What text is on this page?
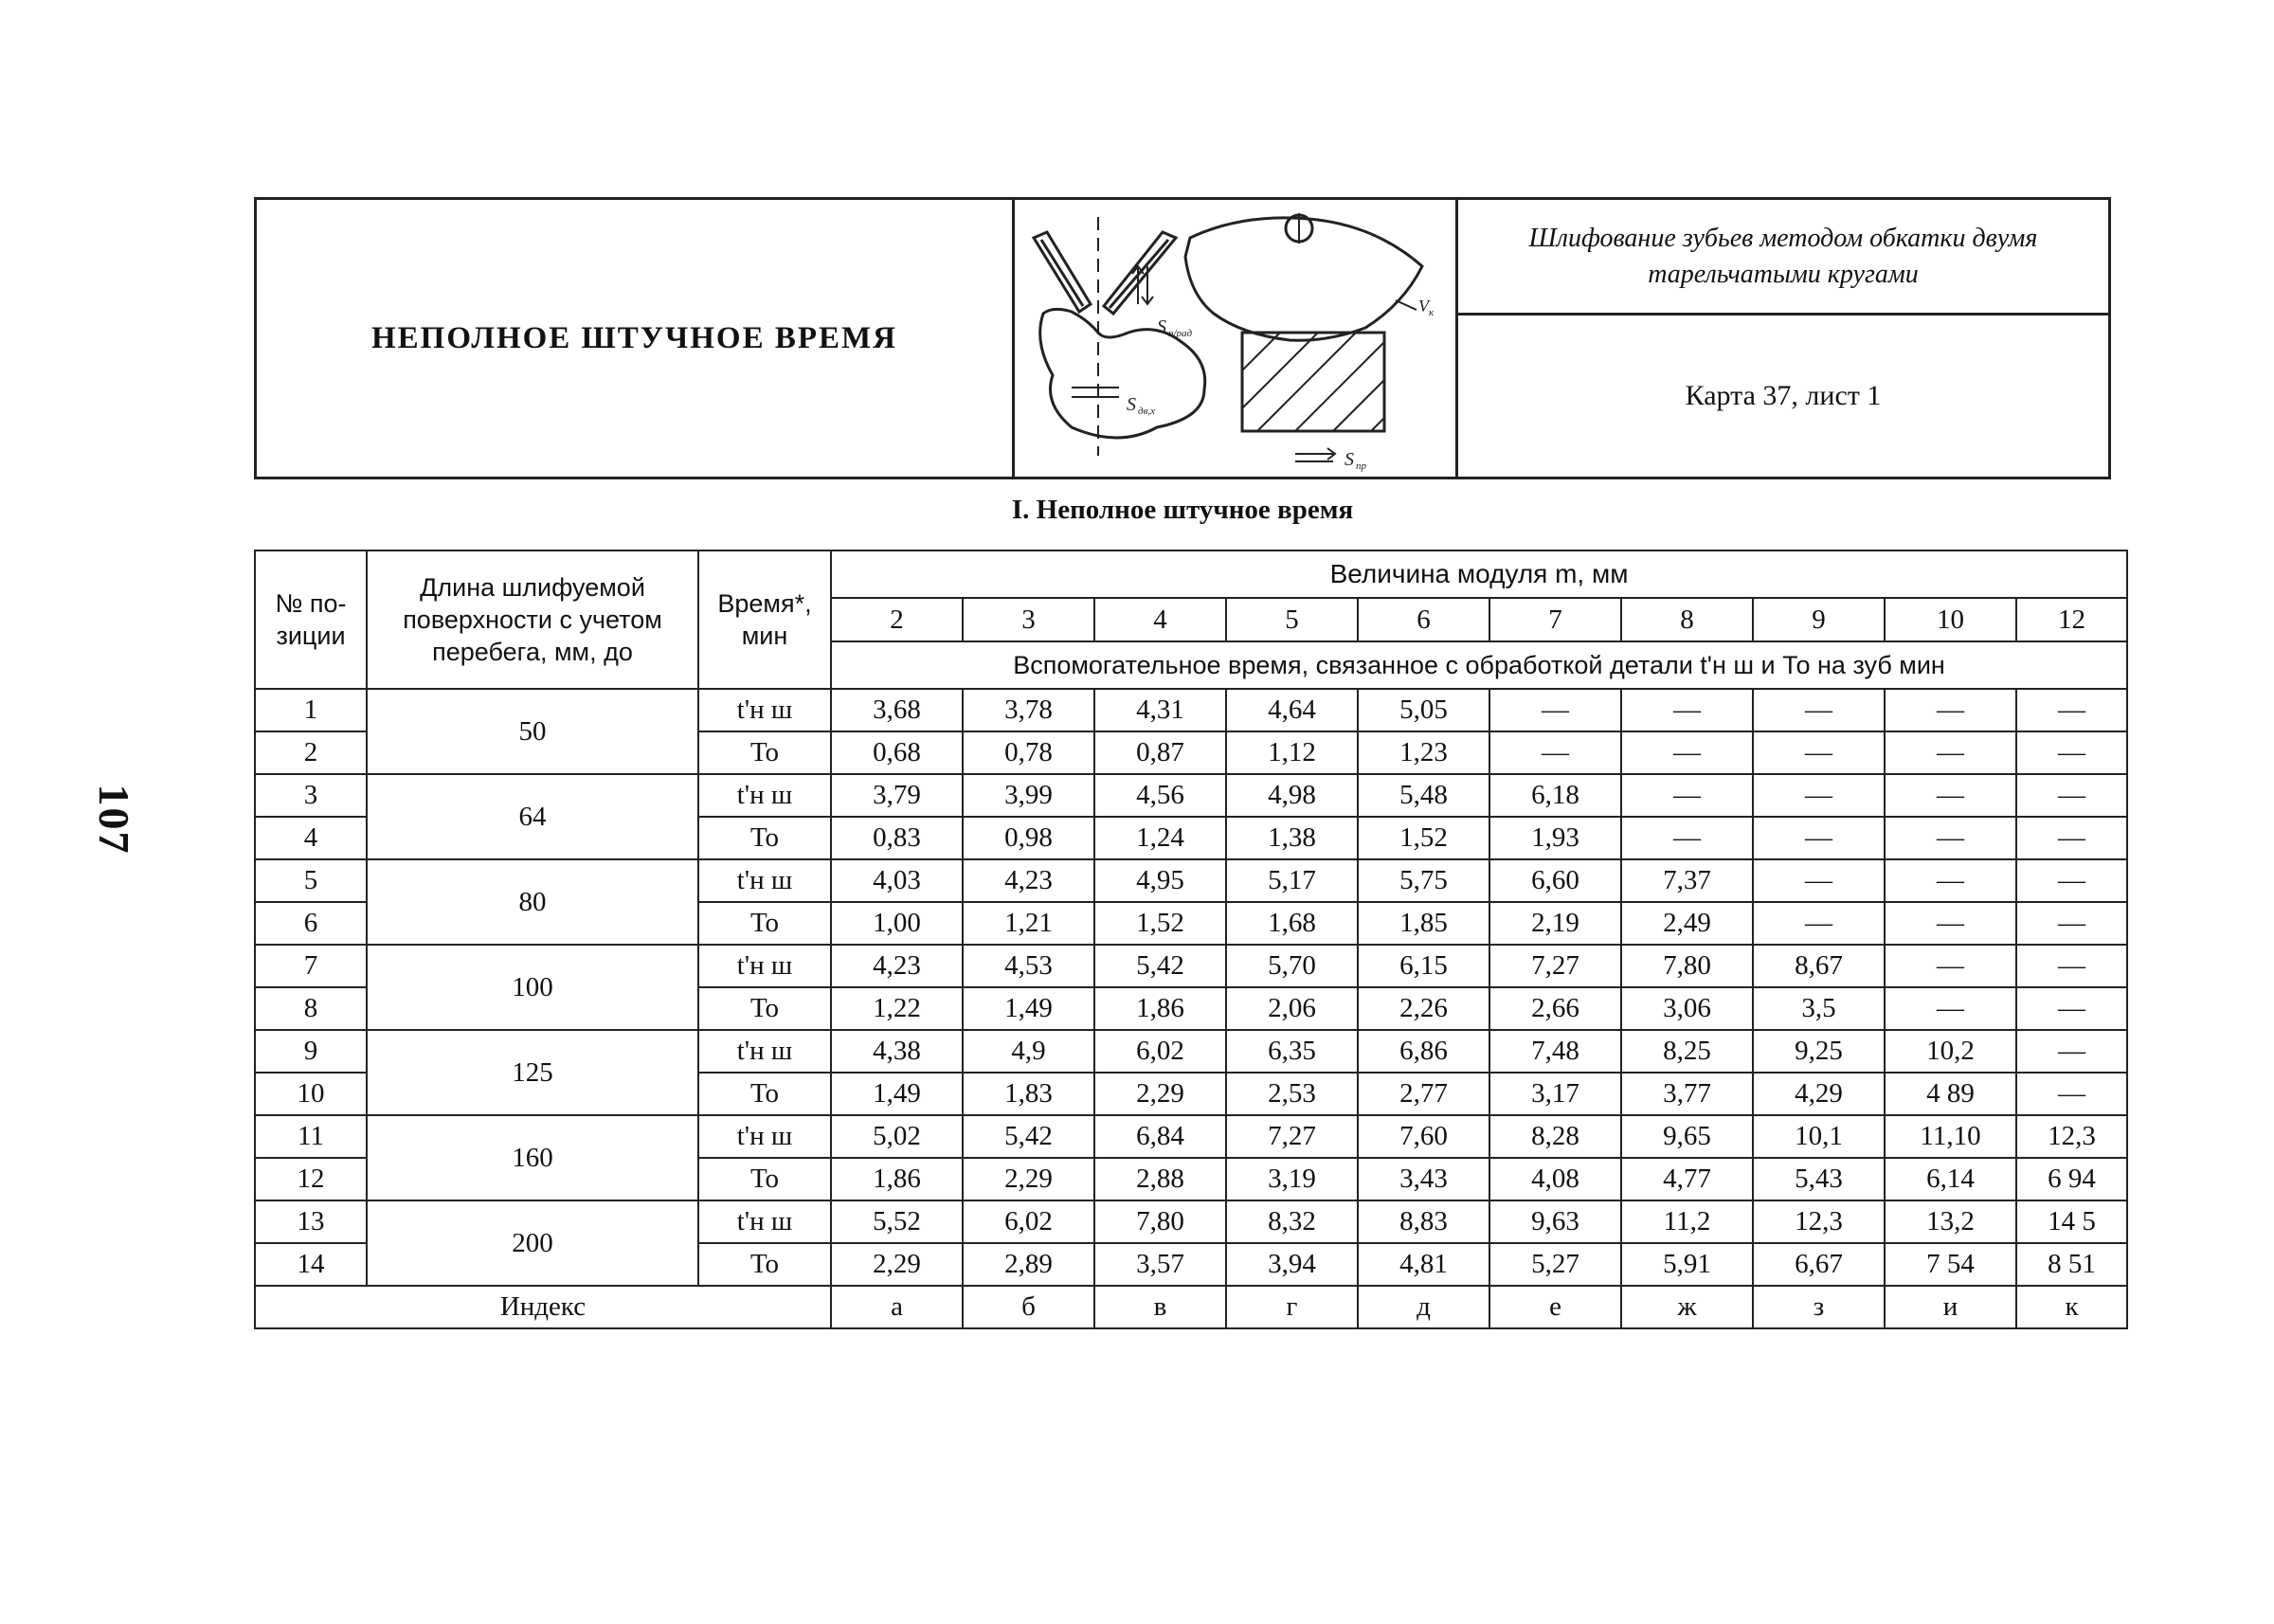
107
НЕПОЛНОЕ ШТУЧНОЕ ВРЕМЯ	S п/рад
S дв,х
S пр
V к
Шлифование зубьев методом обкатки двумя тарельчатыми кругами
Карта 37, лист 1
I. Неполное штучное время
№ по-зиции	Длина шлифуемой поверхности с учетом перебега, мм, до	Время*, мин	Величина модуля m, мм									
			2	3	4	5	6	7	8	9	10	12
			Вспомогательное время, связанное с обработкой детали t'н ш и То на зуб мин									
1	50	t'н ш	3,68	3,78	4,31	4,64	5,05	—	—	—	—	—
2		То	0,68	0,78	0,87	1,12	1,23	—	—	—	—	—
3	64	t'н ш	3,79	3,99	4,56	4,98	5,48	6,18	—	—	—	—
4		То	0,83	0,98	1,24	1,38	1,52	1,93	—	—	—	—
5	80	t'н ш	4,03	4,23	4,95	5,17	5,75	6,60	7,37	—	—	—
6		То	1,00	1,21	1,52	1,68	1,85	2,19	2,49	—	—	—
7	100	t'н ш	4,23	4,53	5,42	5,70	6,15	7,27	7,80	8,67	—	—
8		То	1,22	1,49	1,86	2,06	2,26	2,66	3,06	3,5	—	—
9	125	t'н ш	4,38	4,9	6,02	6,35	6,86	7,48	8,25	9,25	10,2	—
10		То	1,49	1,83	2,29	2,53	2,77	3,17	3,77	4,29	4 89	—
11	160	t'н ш	5,02	5,42	6,84	7,27	7,60	8,28	9,65	10,1	11,10	12,3
12		То	1,86	2,29	2,88	3,19	3,43	4,08	4,77	5,43	6,14	6 94
13	200	t'н ш	5,52	6,02	7,80	8,32	8,83	9,63	11,2	12,3	13,2	14 5
14		То	2,29	2,89	3,57	3,94	4,81	5,27	5,91	6,67	7 54	8 51
Индекс			а	б	в	г	д	е	ж	з	и	к
